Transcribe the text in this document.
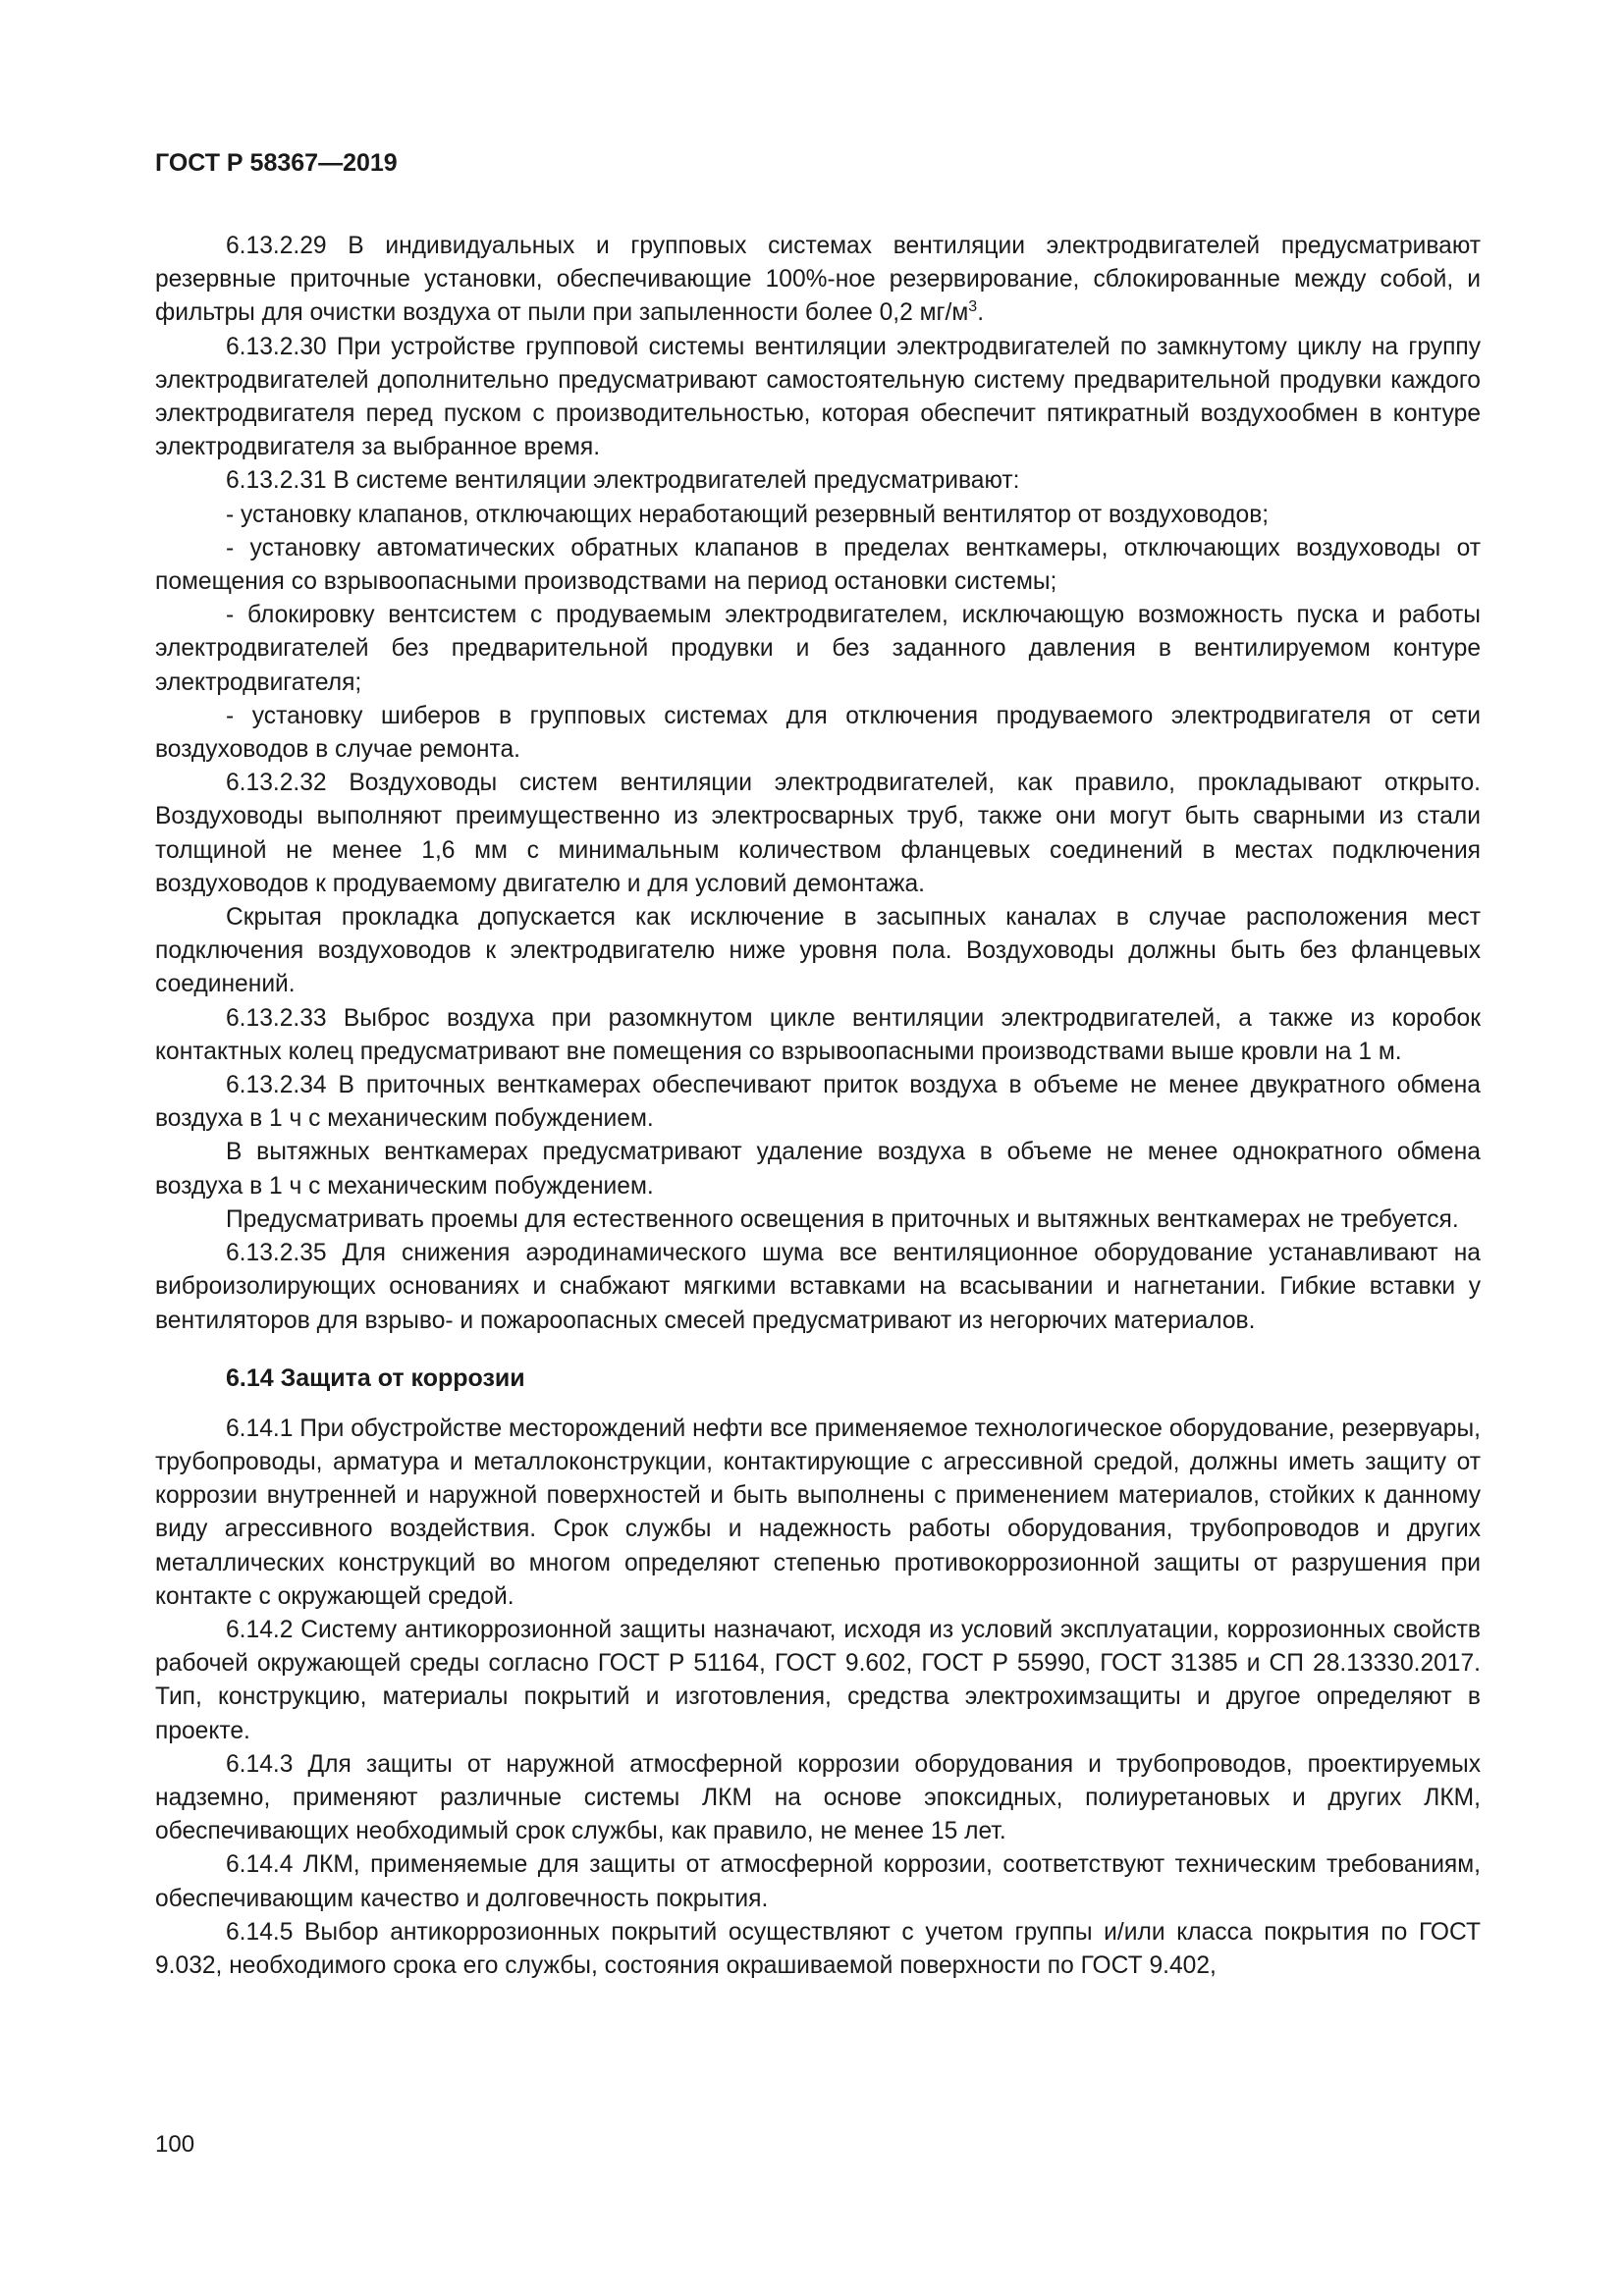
ГОСТ Р 58367—2019

6.13.2.29 В индивидуальных и групповых системах вентиляции электродвигателей предусматривают резервные приточные установки, обеспечивающие 100%-ное резервирование, сблокированные между собой, и фильтры для очистки воздуха от пыли при запыленности более 0,2 $мг/м^3$.

6.13.2.30 При устройстве групповой системы вентиляции электродвигателей по замкнутому циклу на группу электродвигателей дополнительно предусматривают самостоятельную систему предварительной продувки каждого электродвигателя перед пуском с производительностью, которая обеспечит пятикратный воздухообмен в контуре электродвигателя за выбранное время.

6.13.2.31 В системе вентиляции электродвигателей предусматривают:

- установку клапанов, отключающих неработающий резервный вентилятор от воздуховодов;

- установку автоматических обратных клапанов в пределах венткамеры, отключающих воздуховоды от помещения со взрывоопасными производствами на период остановки системы;

- блокировку вентсистем с продуваемым электродвигателем, исключающую возможность пуска и работы электродвигателей без предварительной продувки и без заданного давления в вентилируемом контуре электродвигателя;

- установку шиберов в групповых системах для отключения продуваемого электродвигателя от сети воздуховодов в случае ремонта.

6.13.2.32 Воздуховоды систем вентиляции электродвигателей, как правило, прокладывают открыто. Воздуховоды выполняют преимущественно из электросварных труб, также они могут быть сварными из стали толщиной не менее 1,6 мм с минимальным количеством фланцевых соединений в местах подключения воздуховодов к продуваемому двигателю и для условий демонтажа.

Скрытая прокладка допускается как исключение в засыпных каналах в случае расположения мест подключения воздуховодов к электродвигателю ниже уровня пола. Воздуховоды должны быть без фланцевых соединений.

6.13.2.33 Выброс воздуха при разомкнутом цикле вентиляции электродвигателей, а также из коробок контактных колец предусматривают вне помещения со взрывоопасными производствами выше кровли на 1 м.

6.13.2.34 В приточных венткамерах обеспечивают приток воздуха в объеме не менее двукратного обмена воздуха в 1 ч с механическим побуждением.

В вытяжных венткамерах предусматривают удаление воздуха в объеме не менее однократного обмена воздуха в 1 ч с механическим побуждением.

Предусматривать проемы для естественного освещения в приточных и вытяжных венткамерах не требуется.

6.13.2.35 Для снижения аэродинамического шума все вентиляционное оборудование устанавливают на виброизолирующих основаниях и снабжают мягкими вставками на всасывании и нагнетании. Гибкие вставки у вентиляторов для взрыво- и пожароопасных смесей предусматривают из негорючих материалов.

6.14 Защита от коррозии

6.14.1 При обустройстве месторождений нефти все применяемое технологическое оборудование, резервуары, трубопроводы, арматура и металлоконструкции, контактирующие с агрессивной средой, должны иметь защиту от коррозии внутренней и наружной поверхностей и быть выполнены с применением материалов, стойких к данному виду агрессивного воздействия. Срок службы и надежность работы оборудования, трубопроводов и других металлических конструкций во многом определяют степенью противокоррозионной защиты от разрушения при контакте с окружающей средой.

6.14.2 Систему антикоррозионной защиты назначают, исходя из условий эксплуатации, коррозионных свойств рабочей окружающей среды согласно ГОСТ Р 51164, ГОСТ 9.602, ГОСТ Р 55990, ГОСТ 31385 и СП 28.13330.2017. Тип, конструкцию, материалы покрытий и изготовления, средства электрохимзащиты и другое определяют в проекте.

6.14.3 Для защиты от наружной атмосферной коррозии оборудования и трубопроводов, проектируемых надземно, применяют различные системы ЛКМ на основе эпоксидных, полиуретановых и других ЛКМ, обеспечивающих необходимый срок службы, как правило, не менее 15 лет.

6.14.4 ЛКМ, применяемые для защиты от атмосферной коррозии, соответствуют техническим требованиям, обеспечивающим качество и долговечность покрытия.

6.14.5 Выбор антикоррозионных покрытий осуществляют с учетом группы и/или класса покрытия по ГОСТ 9.032, необходимого срока его службы, состояния окрашиваемой поверхности по ГОСТ 9.402,

100
